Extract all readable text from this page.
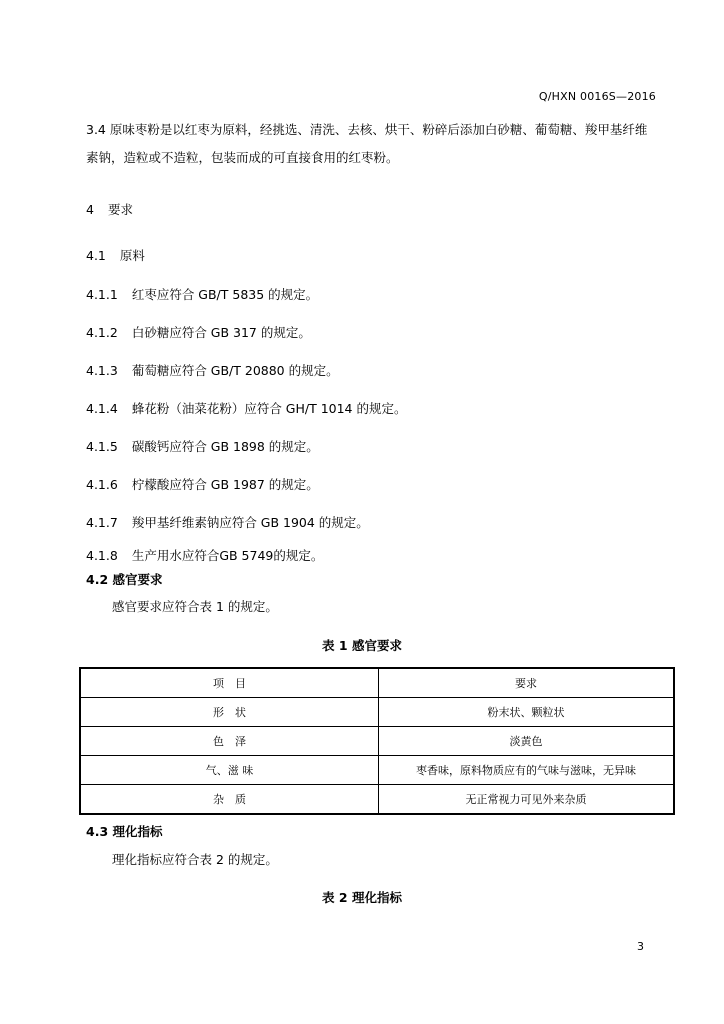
Q/HXN 0016S—2016
3.4 原味枣粉是以红枣为原料，经挑选、清洗、去核、烘干、粉碎后添加白砂糖、葡萄糖、羧甲基纤维
素钠，造粒或不造粒，包装而成的可直接食用的红枣粉。
4 要求
4.1 原料
4.1.1 红枣应符合 GB/T 5835 的规定。
4.1.2 白砂糖应符合 GB 317 的规定。
4.1.3 葡萄糖应符合 GB/T 20880 的规定。
4.1.4 蜂花粉（油菜花粉）应符合 GH/T 1014 的规定。
4.1.5 碳酸钙应符合 GB 1898 的规定。
4.1.6 柠檬酸应符合 GB 1987 的规定。
4.1.7 羧甲基纤维素钠应符合 GB 1904 的规定。
4.1.8 生产用水应符合GB 5749的规定。
4.2 感官要求
感官要求应符合表 1 的规定。
表 1 感官要求
项　目	要求
形　状	粉末状、颗粒状
色　泽	淡黄色
气、滋 味	枣香味，原料物质应有的气味与滋味，无异味
杂　质	无正常视力可见外来杂质
4.3 理化指标
理化指标应符合表 2 的规定。
表 2 理化指标
3
